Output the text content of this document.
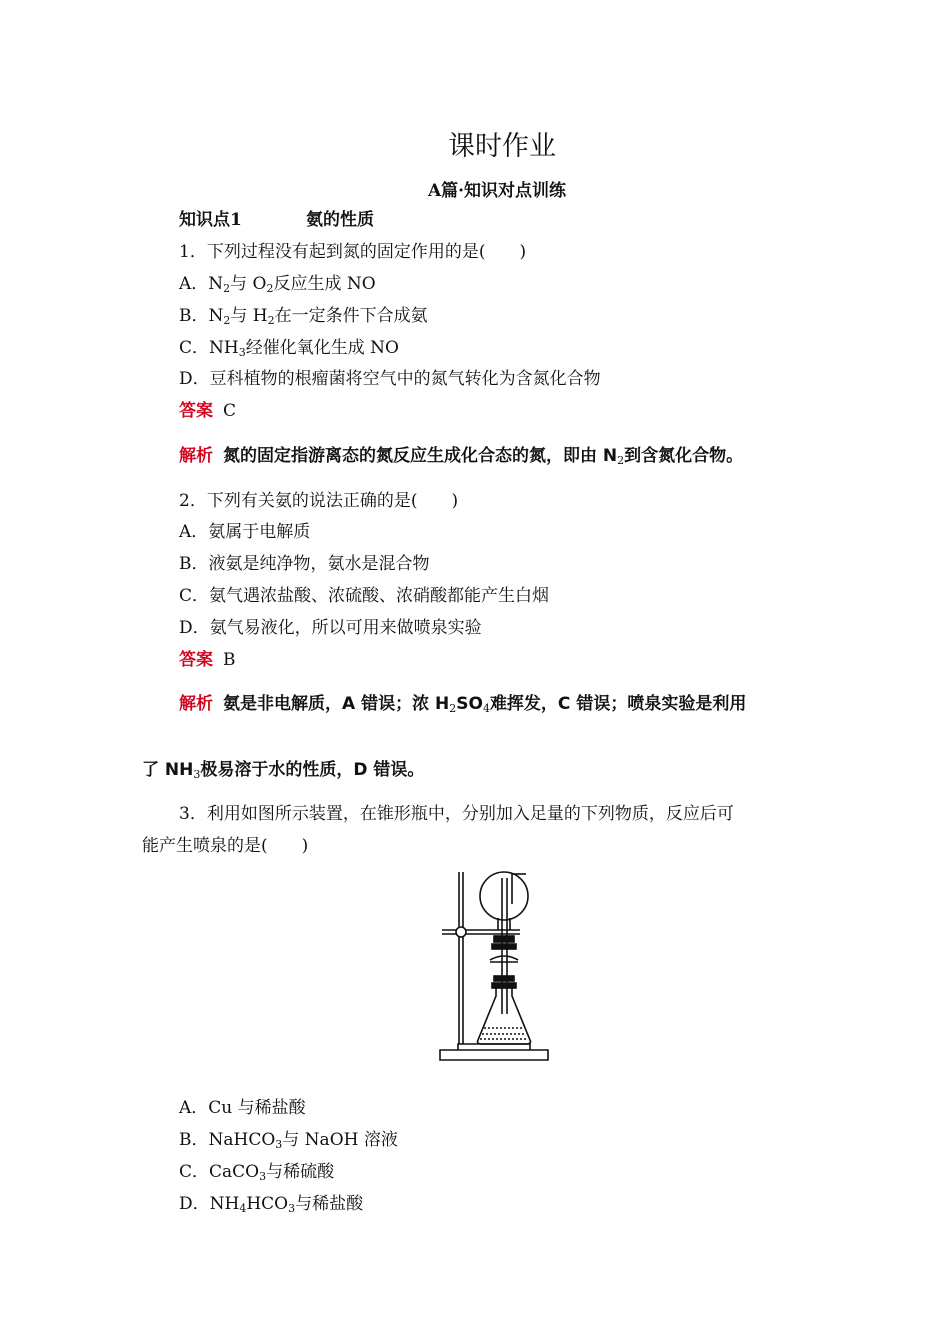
课时作业
A篇·知识对点训练
知识点1	氨的性质
1．下列过程没有起到氮的固定作用的是(　　)
A．$N_2$与 $O_2$反应生成 NO
B．$N_2$与 $H_2$在一定条件下合成氨
C．$NH_3$经催化氧化生成 NO
D．豆科植物的根瘤菌将空气中的氮气转化为含氮化合物
答案 C
解析 氮的固定指游离态的氮反应生成化合态的氮，即由 $N_2$到含氮化合物。
2．下列有关氨的说法正确的是(　　)
A．氨属于电解质
B．液氨是纯净物，氨水是混合物
C．氨气遇浓盐酸、浓硫酸、浓硝酸都能产生白烟
D．氨气易液化，所以可用来做喷泉实验
答案 B
解析 氨是非电解质，A 错误；浓 $H_2SO_4$难挥发，C 错误；喷泉实验是利用
了 $NH_3$极易溶于水的性质，D 错误。
3．利用如图所示装置，在锥形瓶中，分别加入足量的下列物质，反应后可
能产生喷泉的是(　　)
A．Cu 与稀盐酸
B．NaHCO$_3$与 NaOH 溶液
C．CaCO$_3$与稀硫酸
D．$NH_4HCO_3$与稀盐酸
